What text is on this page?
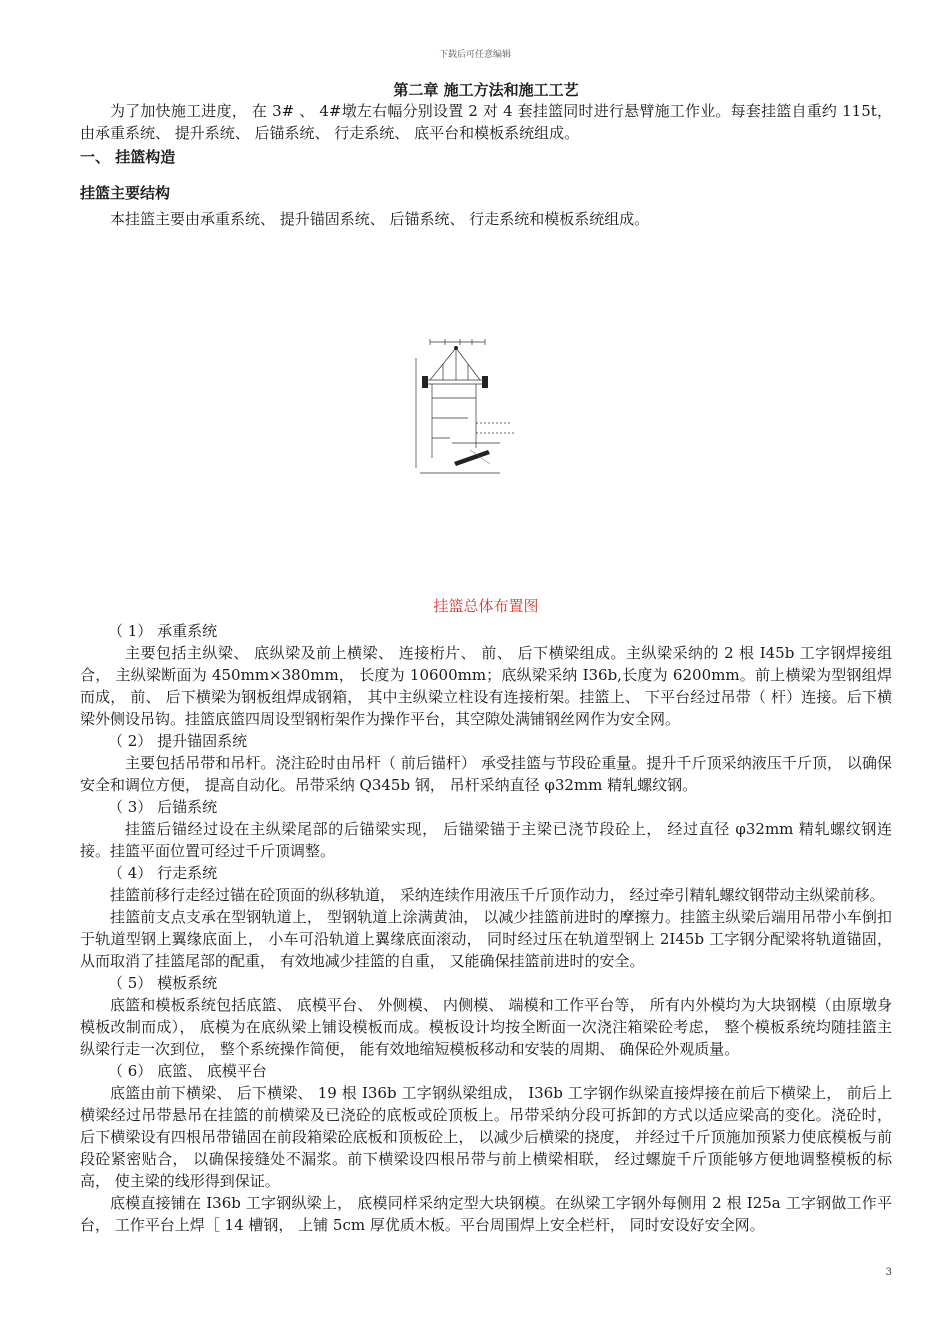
下载后可任意编辑
第二章 施工方法和施工工艺

为了加快施工进度， 在 3# 、 4#墩左右幅分别设置 2 对 4 套挂篮同时进行悬臂施工作业。每套挂篮自重约 115t，由承重系统、 提升系统、 后锚系统、 行走系统、 底平台和模板系统组成。

一、 挂篮构造
挂篮主要结构

本挂篮主要由承重系统、 提升锚固系统、 后锚系统、 行走系统和模板系统组成。

挂篮总体布置图
（ 1） 承重系统

主要包括主纵梁、 底纵梁及前上横梁、 连接桁片、 前、 后下横梁组成。主纵梁采纳的 2 根 I45b 工字钢焊接组合， 主纵梁断面为 450mm×380mm， 长度为 10600mm；底纵梁采纳 I36b,长度为 6200mm。前上横梁为型钢组焊而成， 前、 后下横梁为钢板组焊成钢箱， 其中主纵梁立柱设有连接桁架。挂篮上、 下平台经过吊带（ 杆）连接。后下横梁外侧设吊钩。挂篮底篮四周设型钢桁架作为操作平台，其空隙处满铺钢丝网作为安全网。

（ 2） 提升锚固系统

主要包括吊带和吊杆。浇注砼时由吊杆（ 前后锚杆） 承受挂篮与节段砼重量。提升千斤顶采纳液压千斤顶， 以确保安全和调位方便， 提高自动化。吊带采纳 Q345b 钢， 吊杆采纳直径 φ32mm 精轧螺纹钢。

（ 3） 后锚系统

挂篮后锚经过设在主纵梁尾部的后锚梁实现， 后锚梁锚于主梁已浇节段砼上， 经过直径 φ32mm 精轧螺纹钢连接。挂篮平面位置可经过千斤顶调整。

（ 4） 行走系统

挂篮前移行走经过锚在砼顶面的纵移轨道， 采纳连续作用液压千斤顶作动力， 经过牵引精轧螺纹钢带动主纵梁前移。

挂篮前支点支承在型钢轨道上， 型钢轨道上涂满黄油， 以减少挂篮前进时的摩擦力。挂篮主纵梁后端用吊带小车倒扣于轨道型钢上翼缘底面上， 小车可沿轨道上翼缘底面滚动， 同时经过压在轨道型钢上 2I45b 工字钢分配梁将轨道锚固， 从而取消了挂篮尾部的配重， 有效地减少挂篮的自重， 又能确保挂篮前进时的安全。

（ 5） 模板系统

底篮和模板系统包括底篮、 底模平台、 外侧模、 内侧模、 端模和工作平台等， 所有内外模均为大块钢模（由原墩身模板改制而成）， 底模为在底纵梁上铺设模板而成。模板设计均按全断面一次浇注箱梁砼考虑， 整个模板系统均随挂篮主纵梁行走一次到位， 整个系统操作简便， 能有效地缩短模板移动和安装的周期、 确保砼外观质量。

（ 6） 底篮、 底模平台

底篮由前下横梁、 后下横梁、 19 根 I36b 工字钢纵梁组成， I36b 工字钢作纵梁直接焊接在前后下横梁上， 前后上横梁经过吊带悬吊在挂篮的前横梁及已浇砼的底板或砼顶板上。吊带采纳分段可拆卸的方式以适应梁高的变化。浇砼时， 后下横梁设有四根吊带锚固在前段箱梁砼底板和顶板砼上， 以减少后横梁的挠度， 并经过千斤顶施加预紧力使底模板与前段砼紧密贴合， 以确保接缝处不漏浆。前下横梁设四根吊带与前上横梁相联， 经过螺旋千斤顶能够方便地调整模板的标高， 使主梁的线形得到保证。

底模直接铺在 I36b 工字钢纵梁上， 底模同样采纳定型大块钢模。在纵梁工字钢外每侧用 2 根 I25a 工字钢做工作平台， 工作平台上焊［ 14 槽钢， 上铺 5cm 厚优质木板。平台周围焊上安全栏杆， 同时安设好安全网。

3
